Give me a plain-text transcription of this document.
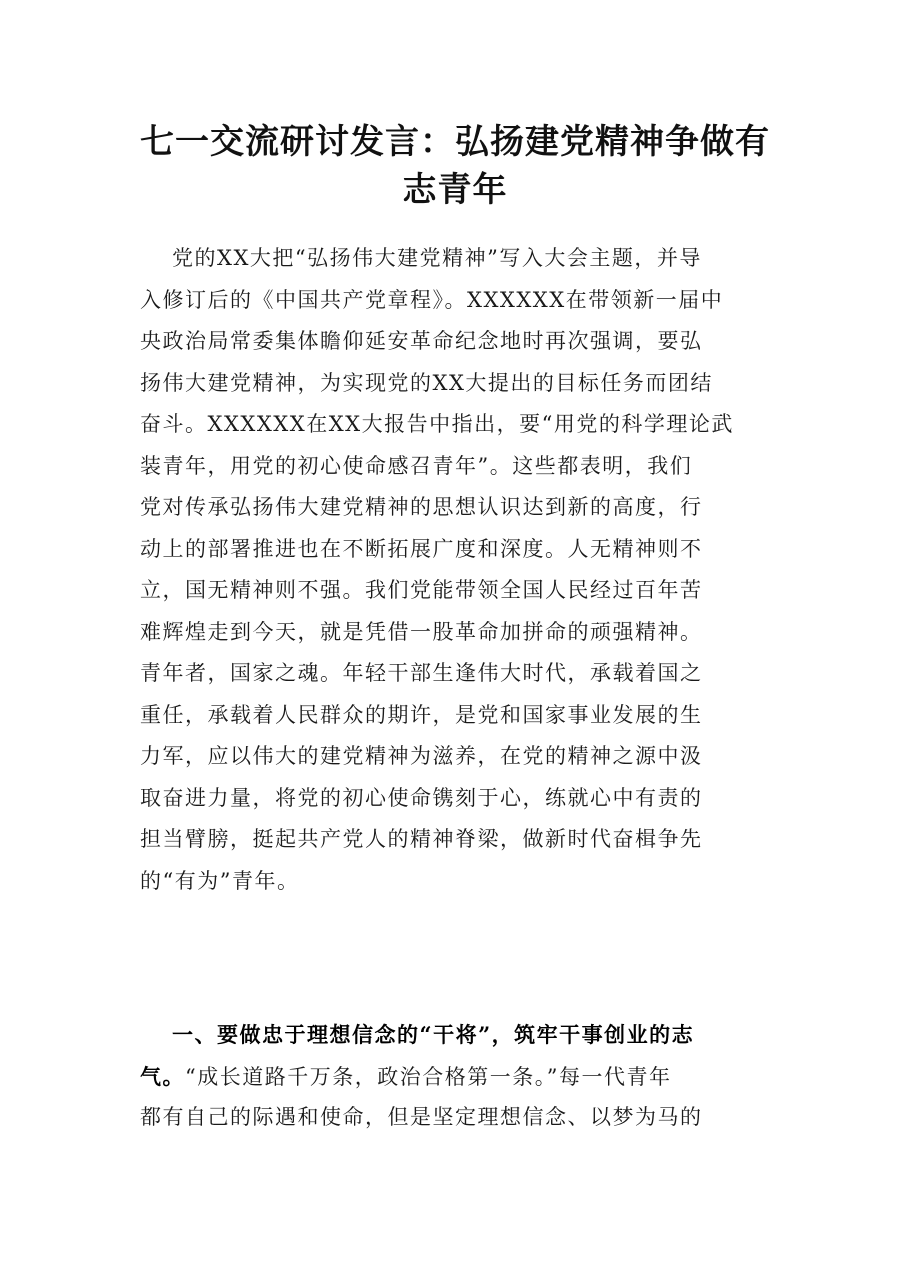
七一交流研讨发言：弘扬建党精神争做有
志青年
党的XX大把“弘扬伟大建党精神”写入大会主题，并导
入修订后的《中国共产党章程》。XXXXXX在带领新一届中
央政治局常委集体瞻仰延安革命纪念地时再次强调，要弘
扬伟大建党精神，为实现党的XX大提出的目标任务而团结
奋斗。XXXXXX在XX大报告中指出，要“用党的科学理论武
装青年，用党的初心使命感召青年”。这些都表明，我们
党对传承弘扬伟大建党精神的思想认识达到新的高度，行
动上的部署推进也在不断拓展广度和深度。人无精神则不
立，国无精神则不强。我们党能带领全国人民经过百年苦
难辉煌走到今天，就是凭借一股革命加拼命的顽强精神。
青年者，国家之魂。年轻干部生逢伟大时代，承载着国之
重任，承载着人民群众的期许，是党和国家事业发展的生
力军，应以伟大的建党精神为滋养，在党的精神之源中汲
取奋进力量，将党的初心使命镌刻于心，练就心中有责的
担当臂膀，挺起共产党人的精神脊梁，做新时代奋楫争先
的“有为”青年。
一、要做忠于理想信念的“干将”，筑牢干事创业的志
气。“成长道路千万条，政治合格第一条。”每一代青年
都有自己的际遇和使命，但是坚定理想信念、以梦为马的
